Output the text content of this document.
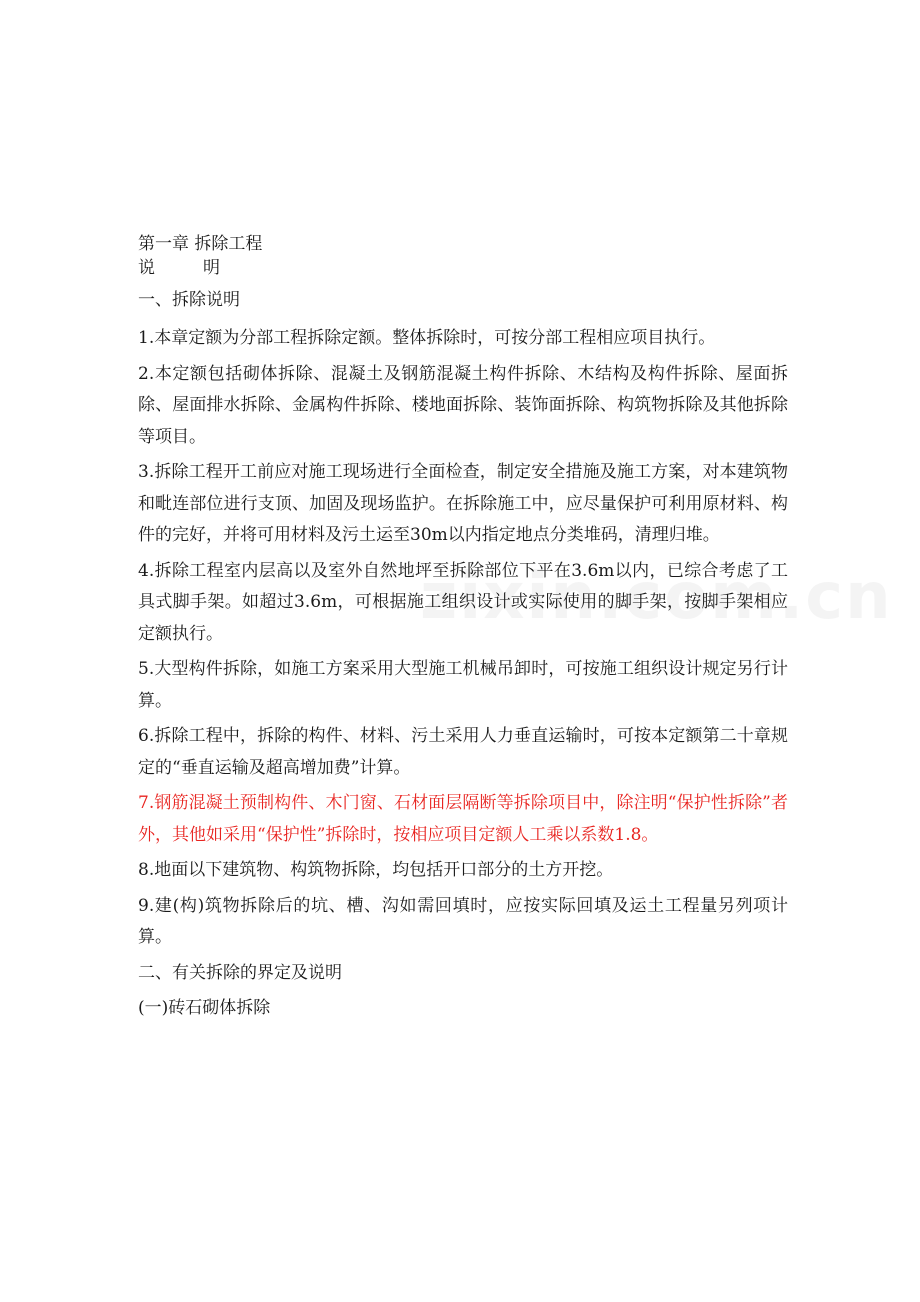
第一章 拆除工程

说	明

一、拆除说明

1.本章定额为分部工程拆除定额。整体拆除时，可按分部工程相应项目执行。

2.本定额包括砌体拆除、混凝土及钢筋混凝土构件拆除、木结构及构件拆除、屋面拆除、屋面排水拆除、金属构件拆除、楼地面拆除、装饰面拆除、构筑物拆除及其他拆除等项目。

3.拆除工程开工前应对施工现场进行全面检查，制定安全措施及施工方案，对本建筑物和毗连部位进行支顶、加固及现场监护。在拆除施工中，应尽量保护可利用原材料、构件的完好，并将可用材料及污土运至30m以内指定地点分类堆码，清理归堆。

4.拆除工程室内层高以及室外自然地坪至拆除部位下平在3.6m以内，已综合考虑了工具式脚手架。如超过3.6m，可根据施工组织设计或实际使用的脚手架，按脚手架相应定额执行。

5.大型构件拆除，如施工方案采用大型施工机械吊卸时，可按施工组织设计规定另行计算。

6.拆除工程中，拆除的构件、材料、污土采用人力垂直运输时，可按本定额第二十章规定的“垂直运输及超高增加费”计算。

7.钢筋混凝土预制构件、木门窗、石材面层隔断等拆除项目中，除注明“保护性拆除”者外，其他如采用“保护性”拆除时，按相应项目定额人工乘以系数1.8。

8.地面以下建筑物、构筑物拆除，均包括开口部分的土方开挖。

9.建(构)筑物拆除后的坑、槽、沟如需回填时，应按实际回填及运土工程量另列项计算。

二、有关拆除的界定及说明

(一)砖石砌体拆除
